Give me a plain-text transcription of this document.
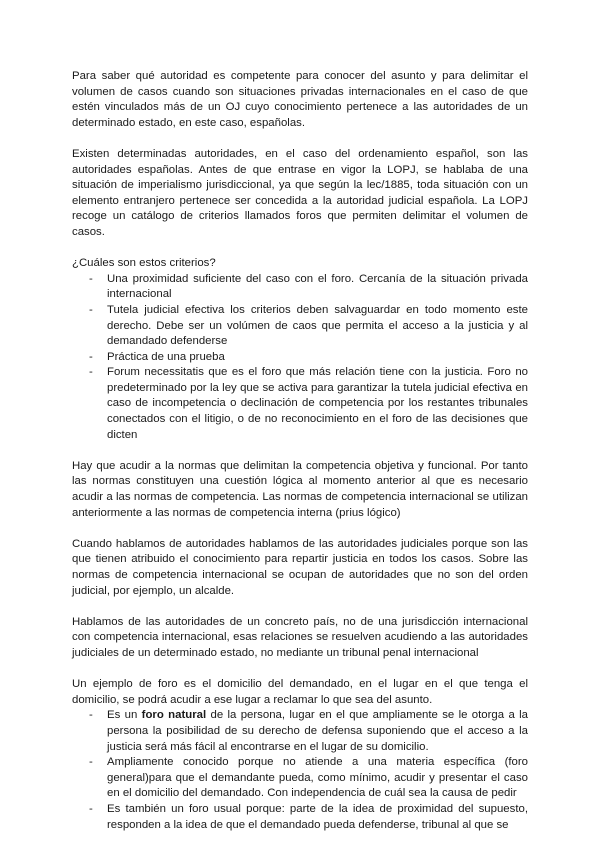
Para saber qué autoridad es competente para conocer del asunto y para delimitar el volumen de casos cuando son situaciones privadas internacionales en el caso de que estén vinculados más de un OJ cuyo conocimiento pertenece a las autoridades de un determinado estado, en este caso, españolas.

Existen determinadas autoridades, en el caso del ordenamiento español, son las autoridades españolas. Antes de que entrase en vigor la LOPJ, se hablaba de una situación de imperialismo jurisdiccional, ya que según la lec/1885, toda situación con un elemento entranjero pertenece ser concedida a la autoridad judicial española. La LOPJ recoge un catálogo de criterios llamados foros que permiten delimitar el volumen de casos.

¿Cuáles son estos criterios?

- Una proximidad suficiente del caso con el foro. Cercanía de la situación privada internacional
- Tutela judicial efectiva los criterios deben salvaguardar en todo momento este derecho. Debe ser un volúmen de caos que permita el acceso a la justicia y al demandado defenderse
- Práctica de una prueba
- Forum necessitatis que es el foro que más relación tiene con la justicia. Foro no predeterminado por la ley que se activa para garantizar la tutela judicial efectiva en caso de incompetencia o declinación de competencia por los restantes tribunales conectados con el litigio, o de no reconocimiento en el foro de las decisiones que dicten

Hay que acudir a la normas que delimitan la competencia objetiva y funcional. Por tanto las normas constituyen una cuestión lógica al momento anterior al que es necesario acudir a las normas de competencia. Las normas de competencia internacional se utilizan anteriormente a las normas de competencia interna (prius lógico)

Cuando hablamos de autoridades hablamos de las autoridades judiciales porque son las que tienen atribuido el conocimiento para repartir justicia en todos los casos. Sobre las normas de competencia internacional se ocupan de autoridades que no son del orden judicial, por ejemplo, un alcalde.

Hablamos de las autoridades de un concreto país, no de una jurisdicción internacional con competencia internacional, esas relaciones se resuelven acudiendo a las autoridades judiciales de un determinado estado, no mediante un tribunal penal internacional

Un ejemplo de foro es el domicilio del demandado, en el lugar en el que tenga el domicilio, se podrá acudir a ese lugar a reclamar lo que sea del asunto.

- Es un foro natural de la persona, lugar en el que ampliamente se le otorga a la persona la posibilidad de su derecho de defensa suponiendo que el acceso a la justicia será más fácil al encontrarse en el lugar de su domicilio.
- Ampliamente conocido porque no atiende a una materia específica (foro general)para que el demandante pueda, como mínimo, acudir y presentar el caso en el domicilio del demandado. Con independencia de cuál sea la causa de pedir
- Es también un foro usual porque: parte de la idea de proximidad del supuesto, responden a la idea de que el demandado pueda defenderse, tribunal al que se
